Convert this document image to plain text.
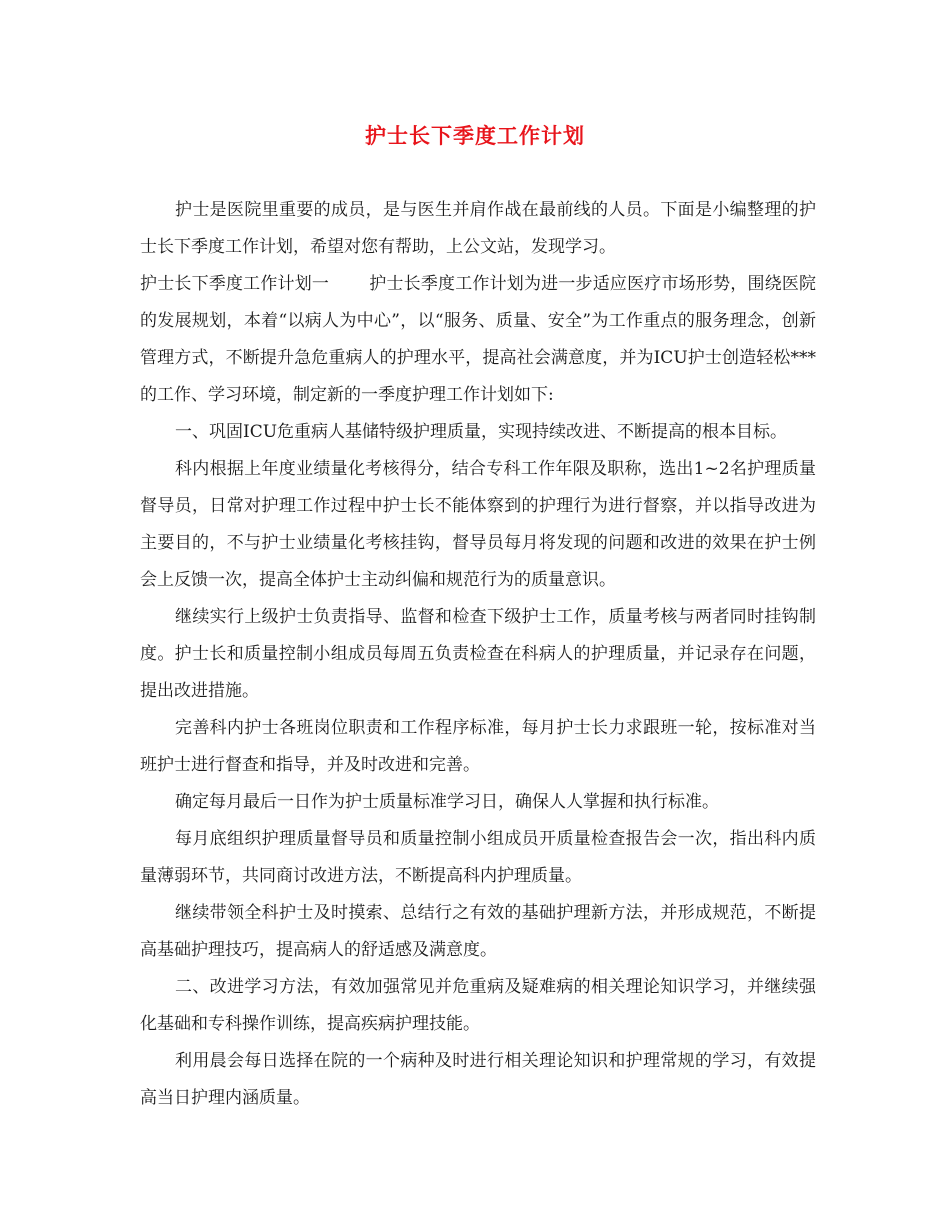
护士长下季度工作计划

护士是医院里重要的成员，是与医生并肩作战在最前线的人员。下面是小编整理的护士长下季度工作计划，希望对您有帮助，上公文站，发现学习。

护士长下季度工作计划一 护士长季度工作计划为进一步适应医疗市场形势，围绕医院的发展规划，本着“以病人为中心”，以“服务、质量、安全”为工作重点的服务理念，创新管理方式，不断提升急危重病人的护理水平，提高社会满意度，并为ICU护士创造轻松***的工作、学习环境，制定新的一季度护理工作计划如下:

一、巩固ICU危重病人基储特级护理质量，实现持续改进、不断提高的根本目标。

科内根据上年度业绩量化考核得分，结合专科工作年限及职称，选出1~2名护理质量督导员，日常对护理工作过程中护士长不能体察到的护理行为进行督察，并以指导改进为主要目的，不与护士业绩量化考核挂钩，督导员每月将发现的问题和改进的效果在护士例会上反馈一次，提高全体护士主动纠偏和规范行为的质量意识。

继续实行上级护士负责指导、监督和检查下级护士工作，质量考核与两者同时挂钩制度。护士长和质量控制小组成员每周五负责检查在科病人的护理质量，并记录存在问题，提出改进措施。

完善科内护士各班岗位职责和工作程序标准，每月护士长力求跟班一轮，按标准对当班护士进行督查和指导，并及时改进和完善。

确定每月最后一日作为护士质量标准学习日，确保人人掌握和执行标准。

每月底组织护理质量督导员和质量控制小组成员开质量检查报告会一次，指出科内质量薄弱环节，共同商讨改进方法，不断提高科内护理质量。

继续带领全科护士及时摸索、总结行之有效的基础护理新方法，并形成规范，不断提高基础护理技巧，提高病人的舒适感及满意度。

二、改进学习方法，有效加强常见并危重病及疑难病的相关理论知识学习，并继续强化基础和专科操作训练，提高疾病护理技能。

利用晨会每日选择在院的一个病种及时进行相关理论知识和护理常规的学习，有效提高当日护理内涵质量。
